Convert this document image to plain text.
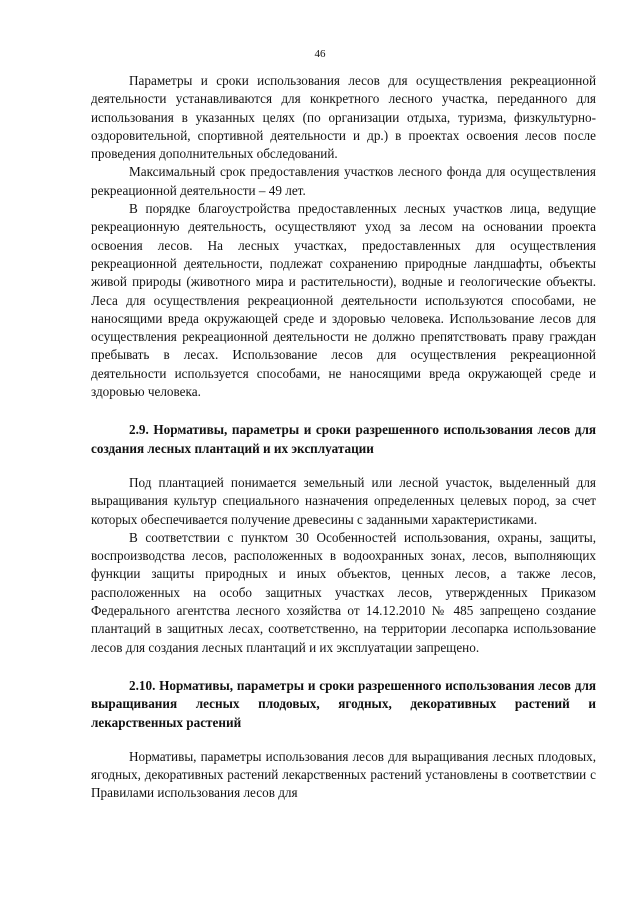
46

Параметры и сроки использования лесов для осуществления рекреационной деятельности устанавливаются для конкретного лесного участка, переданного для использования в указанных целях (по организации отдыха, туризма, физкультурно-оздоровительной, спортивной деятельности и др.) в проектах освоения лесов после проведения дополнительных обследований.

Максимальный срок предоставления участков лесного фонда для осуществления рекреационной деятельности – 49 лет.

В порядке благоустройства предоставленных лесных участков лица, ведущие рекреационную деятельность, осуществляют уход за лесом на основании проекта освоения лесов. На лесных участках, предоставленных для осуществления рекреационной деятельности, подлежат сохранению природные ландшафты, объекты живой природы (животного мира и растительности), водные и геологические объекты. Леса для осуществления рекреационной деятельности используются способами, не наносящими вреда окружающей среде и здоровью человека. Использование лесов для осуществления рекреационной деятельности не должно препятствовать праву граждан пребывать в лесах. Использование лесов для осуществления рекреационной деятельности используется способами, не наносящими вреда окружающей среде и здоровью человека.

2.9. Нормативы, параметры и сроки разрешенного использования лесов для создания лесных плантаций и их эксплуатации

Под плантацией понимается земельный или лесной участок, выделенный для выращивания культур специального назначения определенных целевых пород, за счет которых обеспечивается получение древесины с заданными характеристиками.

В соответствии с пунктом 30 Особенностей использования, охраны, защиты, воспроизводства лесов, расположенных в водоохранных зонах, лесов, выполняющих функции защиты природных и иных объектов, ценных лесов, а также лесов, расположенных на особо защитных участках лесов, утвержденных Приказом Федерального агентства лесного хозяйства от 14.12.2010 № 485 запрещено создание плантаций в защитных лесах, соответственно, на территории лесопарка использование лесов для создания лесных плантаций и их эксплуатации запрещено.

2.10. Нормативы, параметры и сроки разрешенного использования лесов для выращивания лесных плодовых, ягодных, декоративных растений и лекарственных растений

Нормативы, параметры использования лесов для выращивания лесных плодовых, ягодных, декоративных растений лекарственных растений установлены в соответствии с Правилами использования лесов для
